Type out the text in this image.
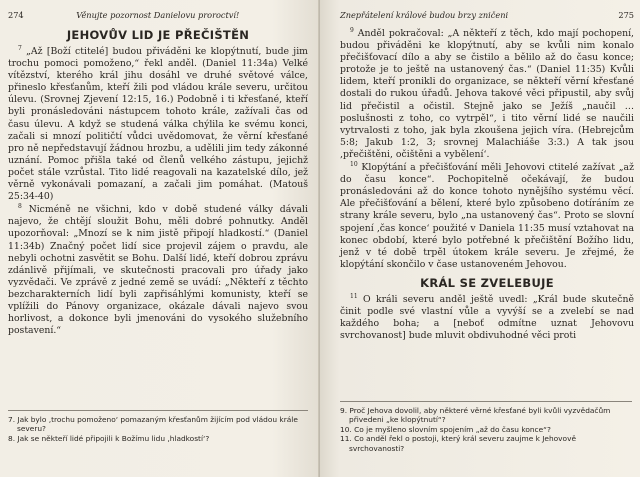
274	Věnujte pozornost Danielovu proroctví!
JEHOVŮV LID JE PŘEČIŠTĚN

$^7$ „Až [Boží ctitelé] budou přiváděni ke klopýtnutí, bude jim trochu pomoci pomoženo,“ řekl anděl. (Daniel 11:34a) Velké vítězství, kterého král jihu dosáhl ve druhé světové válce, přineslo křesťanům, kteří žili pod vládou krále severu, určitou úlevu. (Srovnej Zjevení 12:15, 16.) Podobně i ti křesťané, kteří byli pronásledováni nástupcem tohoto krále, zažívali čas od času úlevu. A když se studená válka chýlila ke svému konci, začali si mnozí političtí vůdci uvědomovat, že věrní křesťané pro ně nepředstavují žádnou hrozbu, a udělili jim tedy zákonné uznání. Pomoc přišla také od členů velkého zástupu, jejichž počet stále vzrůstal. Tito lidé reagovali na kazatelské dílo, jež věrně vykonávali pomazaní, a začali jim pomáhat. (Matouš 25:34-40)

$^8$ Nicméně ne všichni, kdo v době studené války dávali najevo, že chtějí sloužit Bohu, měli dobré pohnutky. Anděl upozorňoval: „Mnozí se k nim jistě připojí hladkostí.“ (Daniel 11:34b) Značný počet lidí sice projevil zájem o pravdu, ale nebyli ochotni zasvětit se Bohu. Další lidé, kteří dobrou zprávu zdánlivě přijímali, ve skutečnosti pracovali pro úřady jako vyzvědači. Ve zprávě z jedné země se uvádí: „Někteří z těchto bezcharakterních lidí byli zapřisáhlými komunisty, kteří se vplížili do Pánovy organizace, okázale dávali najevo svou horlivost, a dokonce byli jmenováni do vysokého služebního postavení.“

7. Jak bylo ‚trochu pomoženo‘ pomazaným křesťanům žijícím pod vládou krále severu?

8. Jak se někteří lidé připojili k Božímu lidu ‚hladkostí‘?

Znepřátelení králové budou brzy zničeni	275

$^9$ Anděl pokračoval: „A někteří z těch, kdo mají pochopení, budou přiváděni ke klopýtnutí, aby se kvůli nim konalo přečišťovací dílo a aby se čistilo a bělilo až do času konce; protože je to ještě na ustanovený čas.“ (Daniel 11:35) Kvůli lidem, kteří pronikli do organizace, se někteří věrní křesťané dostali do rukou úřadů. Jehova takové věci připustil, aby svůj lid přečistil a očistil. Stejně jako se Ježíš „naučil … poslušnosti z toho, co vytrpěl“, i tito věrní lidé se naučili vytrvalosti z toho, jak byla zkoušena jejich víra. (Hebrejcům 5:8; Jakub 1:2, 3; srovnej Malachiáše 3:3.) A tak jsou ‚přečištěni, očištěni a vybělení‘.

$^{10}$ Klopýtání a přečišťování měli Jehovovi ctitelé zažívat „až do času konce“. Pochopitelně očekávají, že budou pronásledováni až do konce tohoto nynějšího systému věcí. Ale přečišťování a bělení, které bylo způsobeno dotíráním ze strany krále severu, bylo „na ustanovený čas“. Proto se slovní spojení ‚čas konce‘ použité v Daniela 11:35 musí vztahovat na konec období, které bylo potřebné k přečištění Božího lidu, jenž v té době trpěl útokem krále severu. Je zřejmé, že klopýtání skončilo v čase ustanoveném Jehovou.

KRÁL SE ZVELEBUJE

$^{11}$ O králi severu anděl ještě uvedl: „Král bude skutečně činit podle své vlastní vůle a vyvýší se a zvelebí se nad každého boha; a [neboť odmítne uznat Jehovovu svrchovanost] bude mluvit obdivuhodné věci proti

9. Proč Jehova dovolil, aby některé věrné křesťané byli kvůli vyzvědačům přivedeni „ke klopýtnutí“?

10. Co je myšleno slovním spojením „až do času konce“?

11. Co anděl řekl o postoji, který král severu zaujme k Jehovově svrchovanosti?
